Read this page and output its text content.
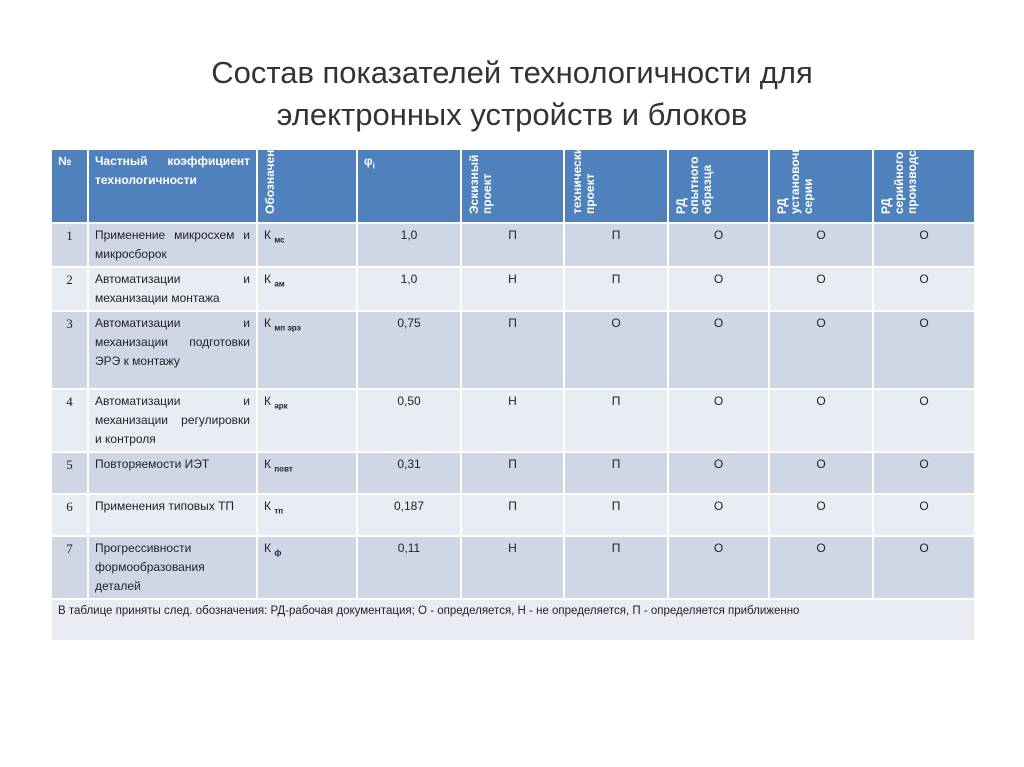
Состав показателей технологичности для
электронных устройств и блоков
№	Частный коэффициент технологичности	Обозначение	$\varphi_i$	Эскизный проект	технический проект	РД опытного образца	РД установочной серии	РД серийного производства
1	Применение микросхем и микросборок	К $_{мс}$	1,0	П	П	О	О	О
2	Автоматизации и механизации монтажа	К $_{ам}$	1,0	Н	П	О	О	О
3	Автоматизации и механизации подготовки ЭРЭ к монтажу	К $_{мп эрэ}$	0,75	П	О	О	О	О
4	Автоматизации и механизации регулировки и контроля	К $_{арк}$	0,50	Н	П	О	О	О
5	Повторяемости ИЭТ	К $_{повт}$	0,31	П	П	О	О	О
6	Применения типовых ТП	К $_{тп}$	0,187	П	П	О	О	О
7	Прогрессивности формообразования деталей	К $_ф$	0,11	Н	П	О	О	О
В таблице приняты след. обозначения: РД-рабочая документация; О - определяется, Н - не определяется, П - определяется приближенно								
